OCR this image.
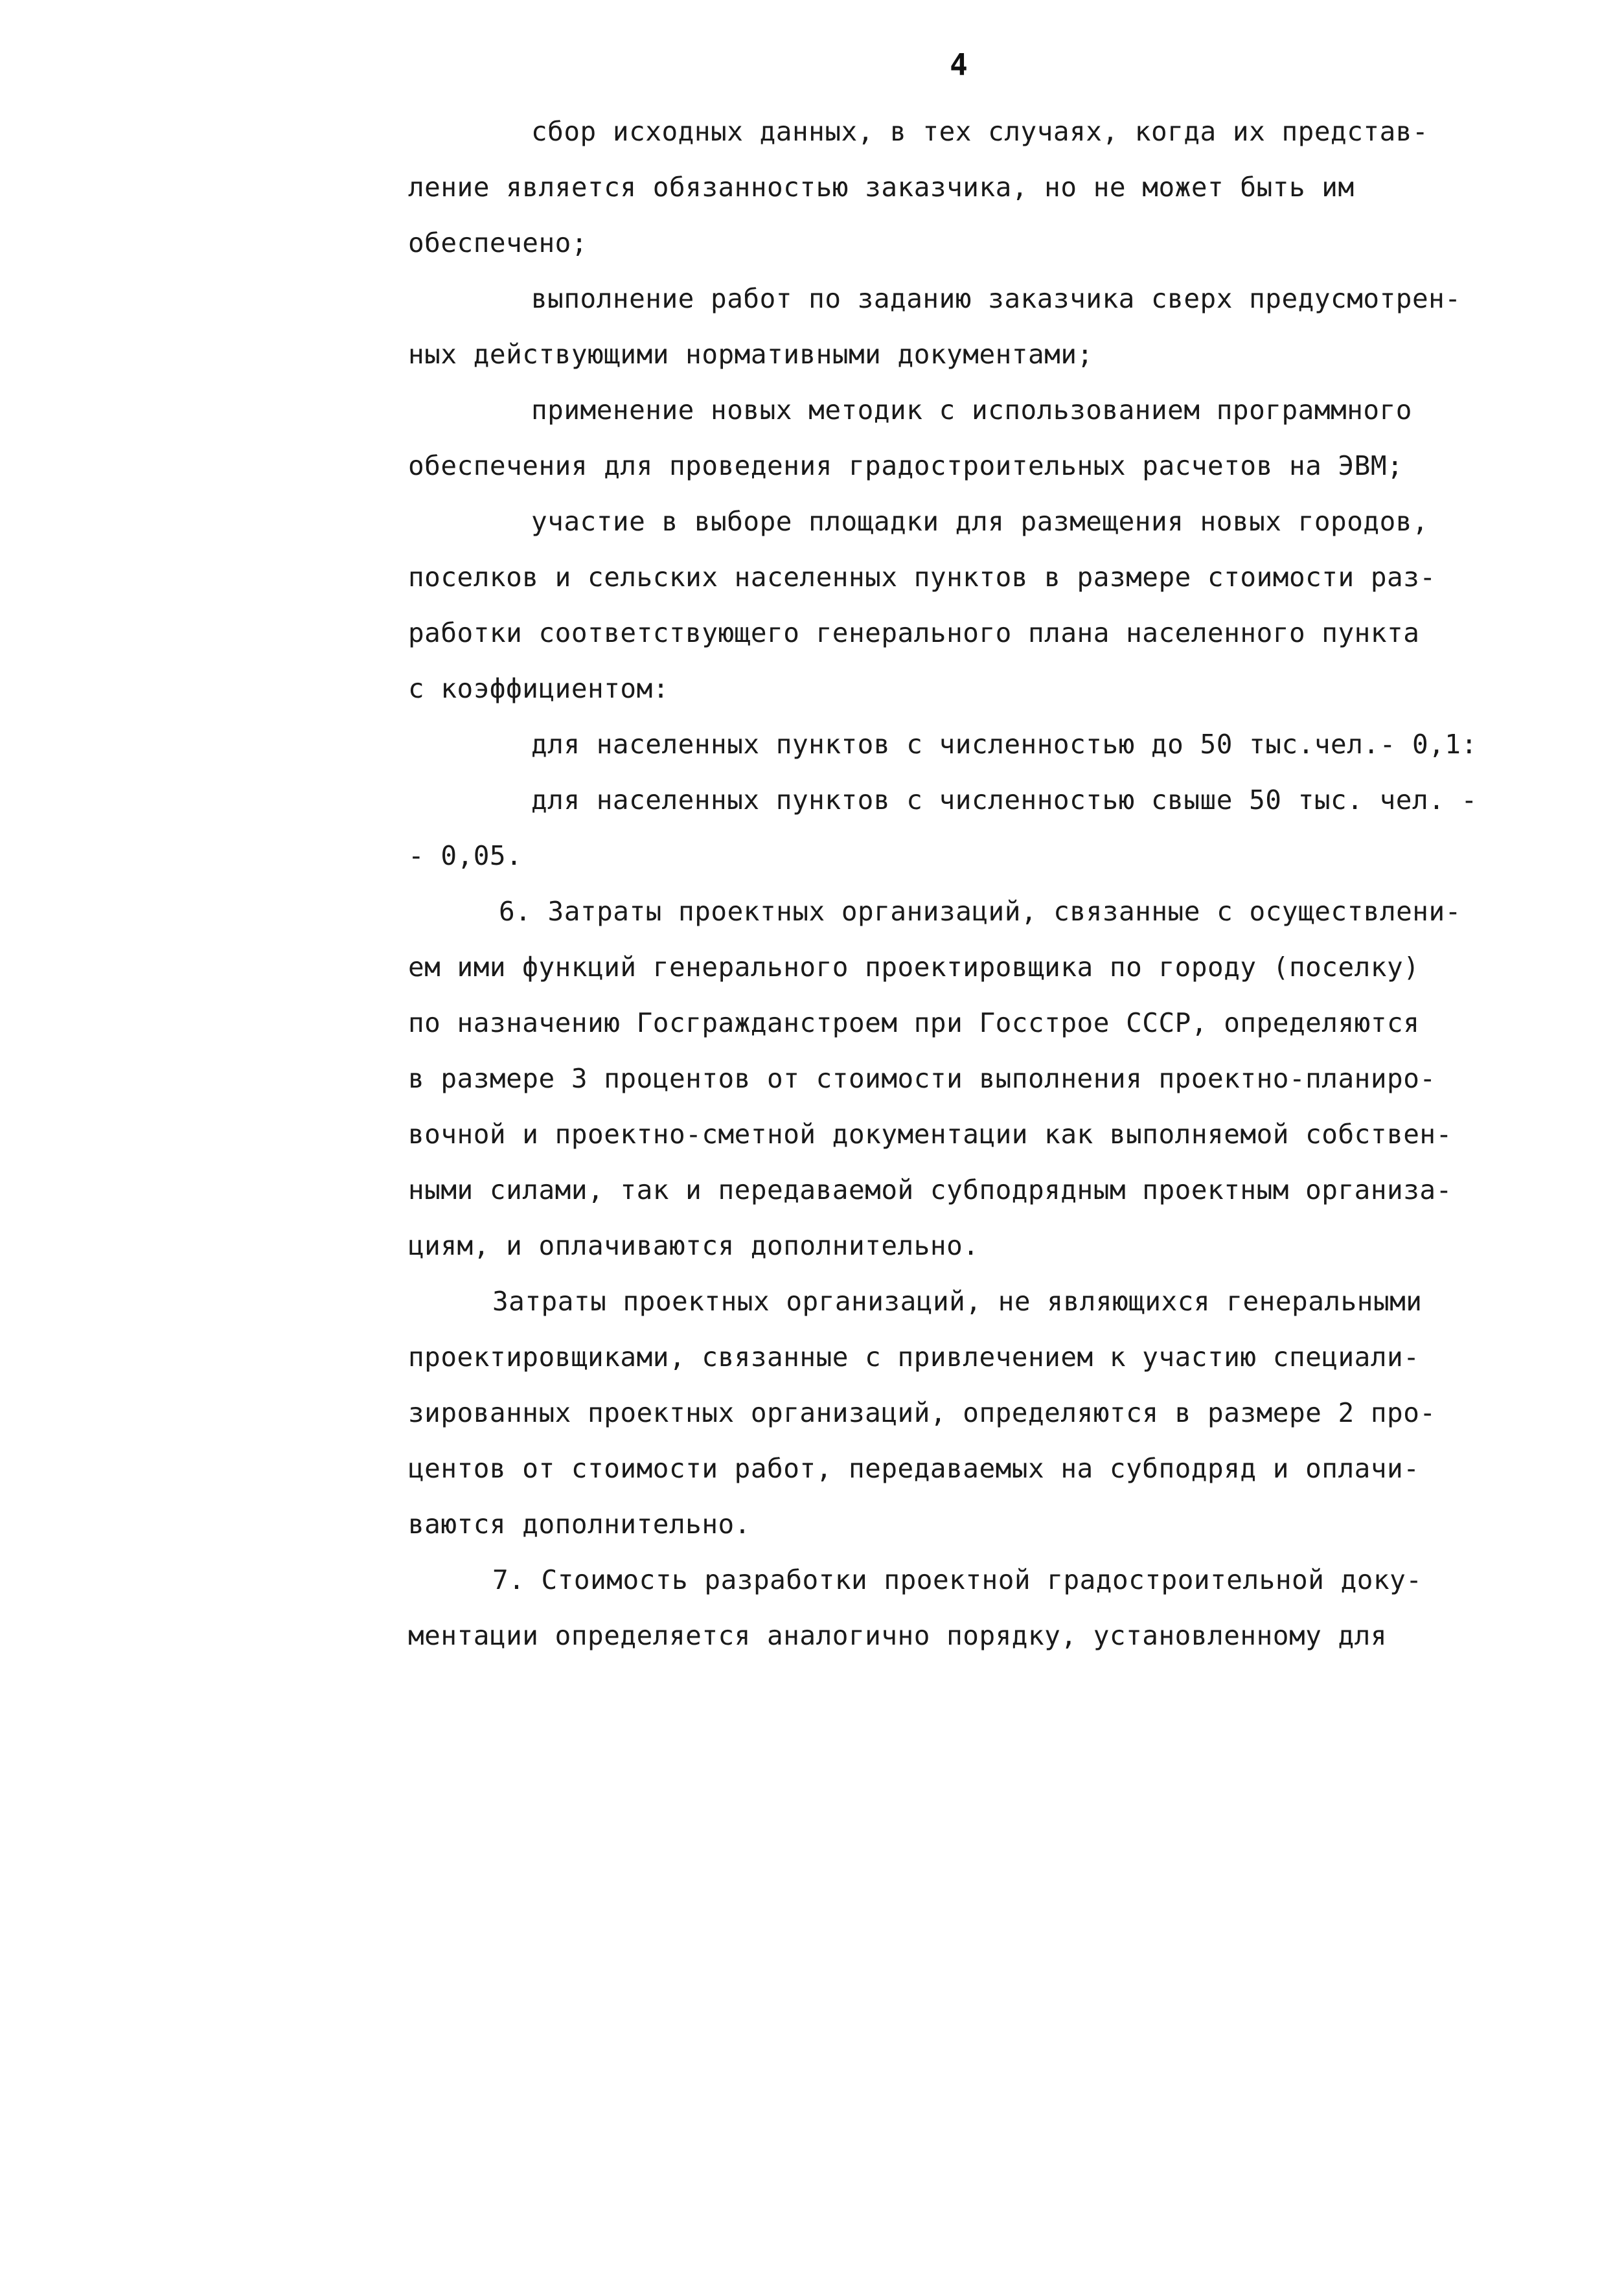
4
сбор исходных данных, в тех случаях, когда их представ-
ление является обязанностью заказчика, но не может быть им
обеспечено;
выполнение работ по заданию заказчика сверх предусмотрен-
ных действующими нормативными документами;
применение новых методик с использованием программного
обеспечения для проведения градостроительных расчетов на ЭВМ;
участие в выборе площадки для размещения новых городов,
поселков и сельских населенных пунктов в размере стоимости раз-
работки соответствующего генерального плана населенного пункта
с коэффициентом:
для населенных пунктов с численностью до 50 тыс.чел.- 0,1:
для населенных пунктов с численностью свыше 50 тыс. чел. -
- 0,05.
6. Затраты проектных организаций, связанные с осуществлени-
ем ими функций генерального проектировщика по городу (поселку)
по назначению Госгражданстроем при Госстрое СССР, определяются
в размере 3 процентов от стоимости выполнения проектно-планиро-
вочной и проектно-сметной документации как выполняемой собствен-
ными силами, так и передаваемой субподрядным проектным организа-
циям, и оплачиваются дополнительно.
Затраты проектных организаций, не являющихся генеральными
проектировщиками, связанные с привлечением к участию специали-
зированных проектных организаций, определяются в размере 2 про-
центов от стоимости работ, передаваемых на субподряд и оплачи-
ваются дополнительно.
7. Стоимость разработки проектной градостроительной доку-
ментации определяется аналогично порядку, установленному для
